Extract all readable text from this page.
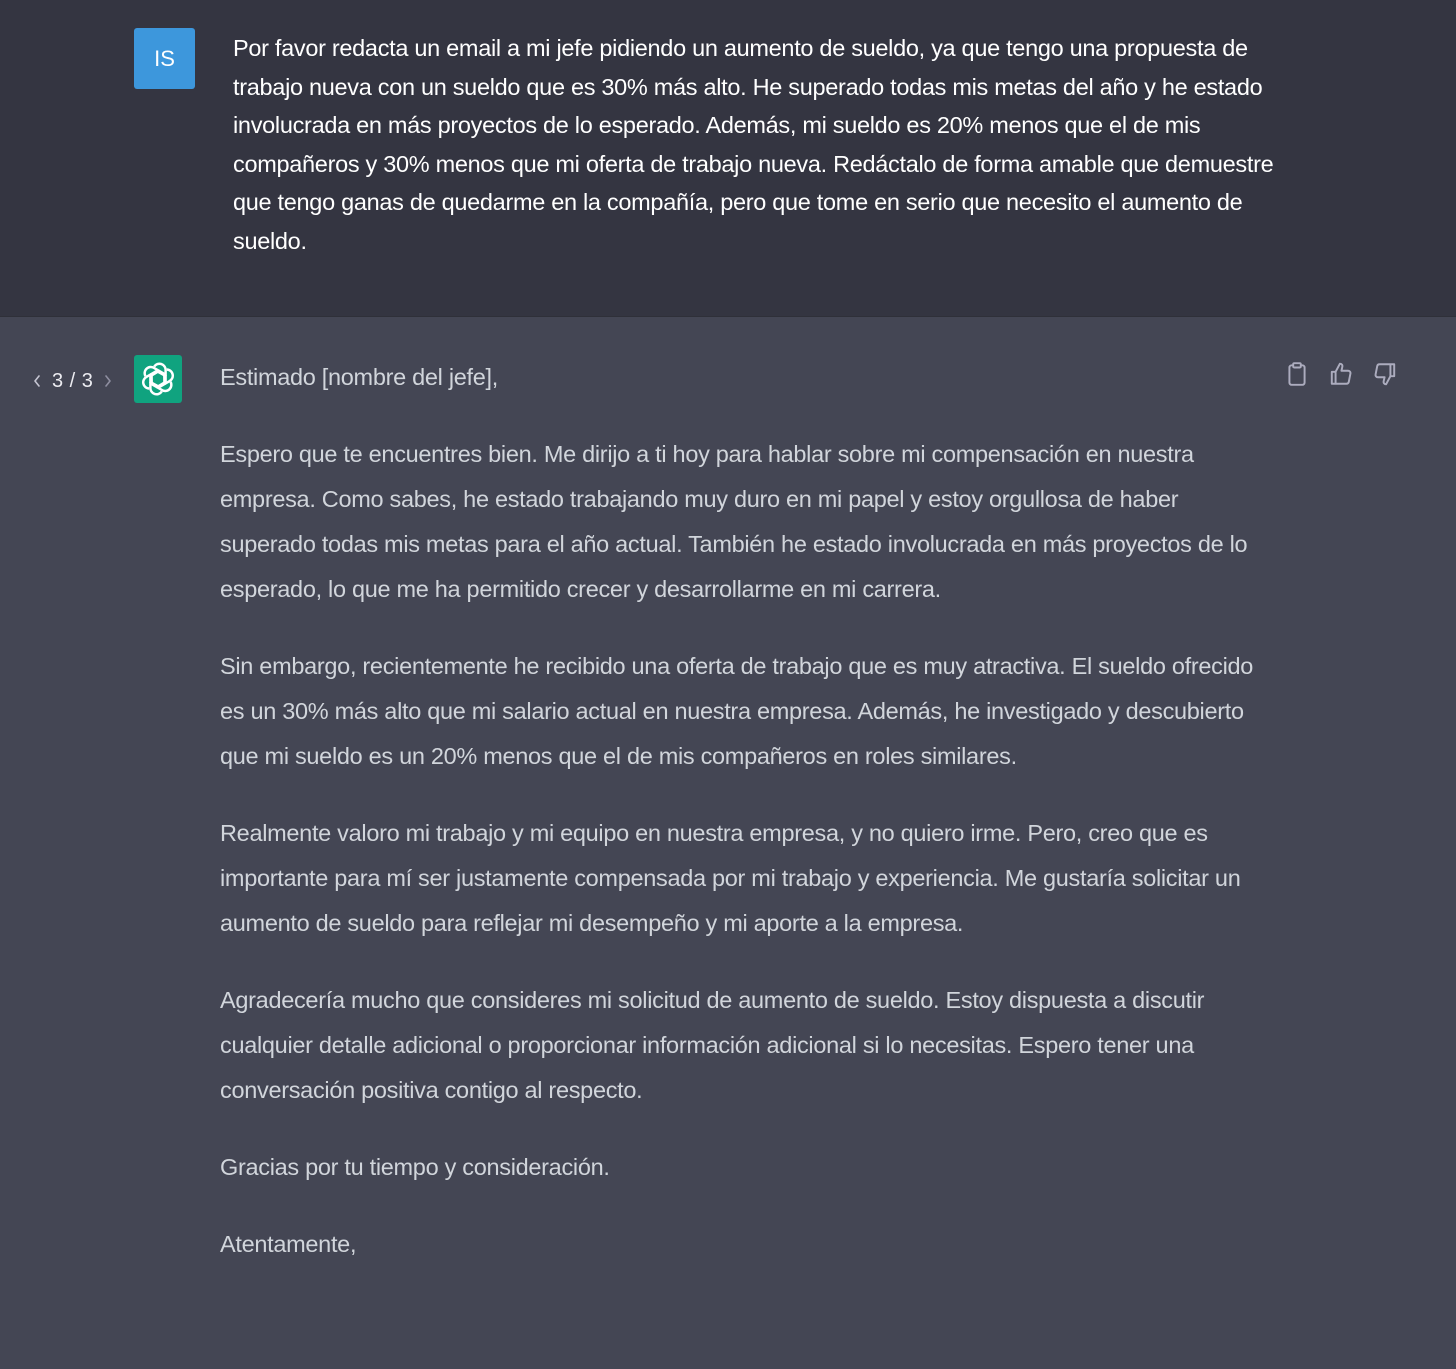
IS	Por favor redacta un email a mi jefe pidiendo un aumento de sueldo, ya que tengo una propuesta de trabajo nueva con un sueldo que es 30% más alto. He superado todas mis metas del año y he estado involucrada en más proyectos de lo esperado. Además, mi sueldo es 20% menos que el de mis compañeros y 30% menos que mi oferta de trabajo nueva. Redáctalo de forma amable que demuestre que tengo ganas de quedarme en la compañía, pero que tome en serio que necesito el aumento de sueldo.
3 / 3	Estimado [nombre del jefe],

Espero que te encuentres bien. Me dirijo a ti hoy para hablar sobre mi compensación en nuestra empresa. Como sabes, he estado trabajando muy duro en mi papel y estoy orgullosa de haber superado todas mis metas para el año actual. También he estado involucrada en más proyectos de lo esperado, lo que me ha permitido crecer y desarrollarme en mi carrera.

Sin embargo, recientemente he recibido una oferta de trabajo que es muy atractiva. El sueldo ofrecido es un 30% más alto que mi salario actual en nuestra empresa. Además, he investigado y descubierto que mi sueldo es un 20% menos que el de mis compañeros en roles similares.

Realmente valoro mi trabajo y mi equipo en nuestra empresa, y no quiero irme. Pero, creo que es importante para mí ser justamente compensada por mi trabajo y experiencia. Me gustaría solicitar un aumento de sueldo para reflejar mi desempeño y mi aporte a la empresa.

Agradecería mucho que consideres mi solicitud de aumento de sueldo. Estoy dispuesta a discutir cualquier detalle adicional o proporcionar información adicional si lo necesitas. Espero tener una conversación positiva contigo al respecto.

Gracias por tu tiempo y consideración.

Atentamente,
